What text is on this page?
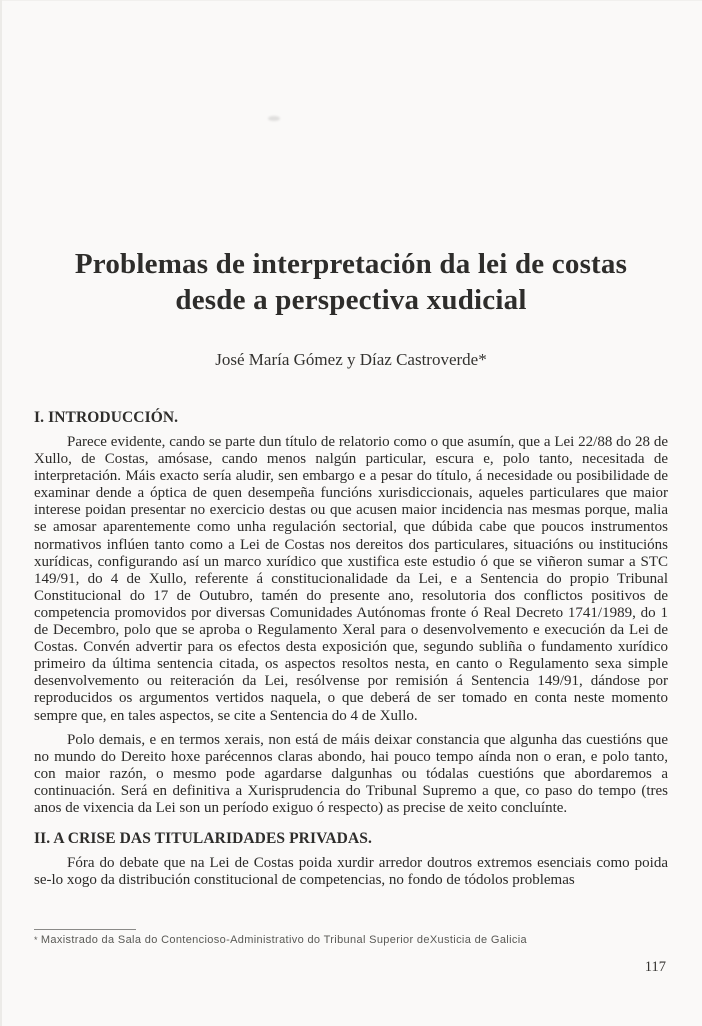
Problemas de interpretación da lei de costas desde a perspectiva xudicial
José María Gómez y Díaz Castroverde*
I. INTRODUCCIÓN.

Parece evidente, cando se parte dun título de relatorio como o que asumín, que a Lei 22/88 do 28 de Xullo, de Costas, amósase, cando menos nalgún particular, escura e, polo tanto, necesitada de interpretación. Máis exacto sería aludir, sen embargo e a pesar do título, á necesidade ou posibilidade de examinar dende a óptica de quen desempeña funcións xurisdiccionais, aqueles particulares que maior interese poidan presentar no exercicio destas ou que acusen maior incidencia nas mesmas porque, malia se amosar aparentemente como unha regulación sectorial, que dúbida cabe que poucos instrumentos normativos inflúen tanto como a Lei de Costas nos dereitos dos particulares, situacións ou institucións xurídicas, configurando así un marco xurídico que xustifica este estudio ó que se viñeron sumar a STC 149/91, do 4 de Xullo, referente á constitucionalidade da Lei, e a Sentencia do propio Tribunal Constitucional do 17 de Outubro, tamén do presente ano, resolutoria dos conflictos positivos de competencia promovidos por diversas Comunidades Autónomas fronte ó Real Decreto 1741/1989, do 1 de Decembro, polo que se aproba o Regulamento Xeral para o desenvolvemento e execución da Lei de Costas. Convén advertir para os efectos desta exposición que, segundo subliña o fundamento xurídico primeiro da última sentencia citada, os aspectos resoltos nesta, en canto o Regulamento sexa simple desenvolvemento ou reiteración da Lei, resólvense por remisión á Sentencia 149/91, dándose por reproducidos os argumentos vertidos naquela, o que deberá de ser tomado en conta neste momento sempre que, en tales aspectos, se cite a Sentencia do 4 de Xullo.

Polo demais, e en termos xerais, non está de máis deixar constancia que algunha das cuestións que no mundo do Dereito hoxe parécennos claras abondo, hai pouco tempo aínda non o eran, e polo tanto, con maior razón, o mesmo pode agardarse dalgunhas ou tódalas cuestións que abordaremos a continuación. Será en definitiva a Xurisprudencia do Tribunal Supremo a que, co paso do tempo (tres anos de vixencia da Lei son un período exiguo ó respecto) as precise de xeito concluínte.

II. A CRISE DAS TITULARIDADES PRIVADAS.

Fóra do debate que na Lei de Costas poida xurdir arredor doutros extremos esenciais como poida se-lo xogo da distribución constitucional de competencias, no fondo de tódolos problemas

* Maxistrado da Sala do Contencioso-Administrativo do Tribunal Superior deXusticia de Galicia
117
